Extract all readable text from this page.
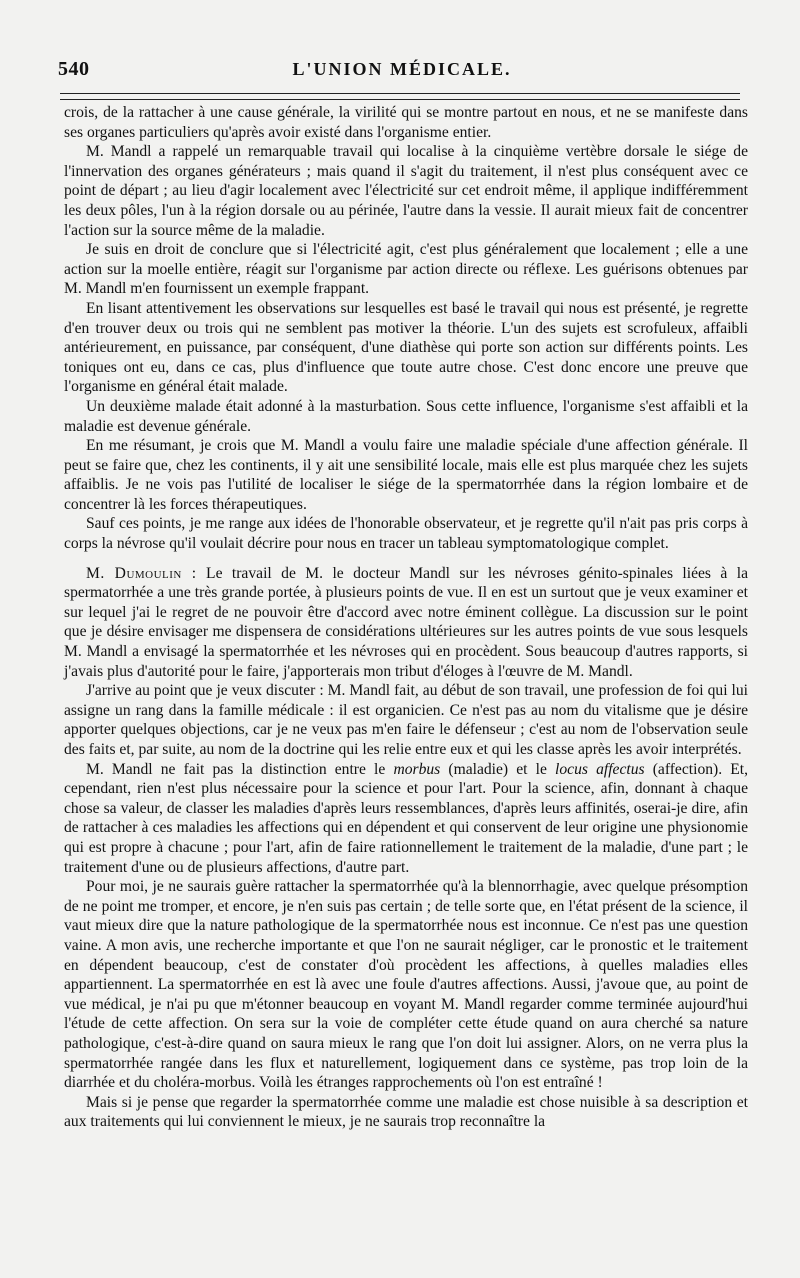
540	L'UNION MÉDICALE.

crois, de la rattacher à une cause générale, la virilité qui se montre partout en nous, et ne se manifeste dans ses organes particuliers qu'après avoir existé dans l'organisme entier.

M. Mandl a rappelé un remarquable travail qui localise à la cinquième vertèbre dorsale le siége de l'innervation des organes générateurs ; mais quand il s'agit du traitement, il n'est plus conséquent avec ce point de départ ; au lieu d'agir localement avec l'électricité sur cet endroit même, il applique indifféremment les deux pôles, l'un à la région dorsale ou au périnée, l'autre dans la vessie. Il aurait mieux fait de concentrer l'action sur la source même de la maladie.

Je suis en droit de conclure que si l'électricité agit, c'est plus généralement que localement ; elle a une action sur la moelle entière, réagit sur l'organisme par action directe ou réflexe. Les guérisons obtenues par M. Mandl m'en fournissent un exemple frappant.

En lisant attentivement les observations sur lesquelles est basé le travail qui nous est présenté, je regrette d'en trouver deux ou trois qui ne semblent pas motiver la théorie. L'un des sujets est scrofuleux, affaibli antérieurement, en puissance, par conséquent, d'une diathèse qui porte son action sur différents points. Les toniques ont eu, dans ce cas, plus d'influence que toute autre chose. C'est donc encore une preuve que l'organisme en général était malade.

Un deuxième malade était adonné à la masturbation. Sous cette influence, l'organisme s'est affaibli et la maladie est devenue générale.

En me résumant, je crois que M. Mandl a voulu faire une maladie spéciale d'une affection générale. Il peut se faire que, chez les continents, il y ait une sensibilité locale, mais elle est plus marquée chez les sujets affaiblis. Je ne vois pas l'utilité de localiser le siége de la spermatorrhée dans la région lombaire et de concentrer là les forces thérapeutiques.

Sauf ces points, je me range aux idées de l'honorable observateur, et je regrette qu'il n'ait pas pris corps à corps la névrose qu'il voulait décrire pour nous en tracer un tableau symptomatologique complet.

M. Dumoulin : Le travail de M. le docteur Mandl sur les névroses génito-spinales liées à la spermatorrhée a une très grande portée, à plusieurs points de vue. Il en est un surtout que je veux examiner et sur lequel j'ai le regret de ne pouvoir être d'accord avec notre éminent collègue. La discussion sur le point que je désire envisager me dispensera de considérations ultérieures sur les autres points de vue sous lesquels M. Mandl a envisagé la spermatorrhée et les névroses qui en procèdent. Sous beaucoup d'autres rapports, si j'avais plus d'autorité pour le faire, j'apporterais mon tribut d'éloges à l'œuvre de M. Mandl.

J'arrive au point que je veux discuter : M. Mandl fait, au début de son travail, une profession de foi qui lui assigne un rang dans la famille médicale : il est organicien. Ce n'est pas au nom du vitalisme que je désire apporter quelques objections, car je ne veux pas m'en faire le défenseur ; c'est au nom de l'observation seule des faits et, par suite, au nom de la doctrine qui les relie entre eux et qui les classe après les avoir interprétés.

M. Mandl ne fait pas la distinction entre le morbus (maladie) et le locus affectus (affection). Et, cependant, rien n'est plus nécessaire pour la science et pour l'art. Pour la science, afin, donnant à chaque chose sa valeur, de classer les maladies d'après leurs ressemblances, d'après leurs affinités, oserai-je dire, afin de rattacher à ces maladies les affections qui en dépendent et qui conservent de leur origine une physionomie qui est propre à chacune ; pour l'art, afin de faire rationnellement le traitement de la maladie, d'une part ; le traitement d'une ou de plusieurs affections, d'autre part.

Pour moi, je ne saurais guère rattacher la spermatorrhée qu'à la blennorrhagie, avec quelque présomption de ne point me tromper, et encore, je n'en suis pas certain ; de telle sorte que, en l'état présent de la science, il vaut mieux dire que la nature pathologique de la spermatorrhée nous est inconnue. Ce n'est pas une question vaine. A mon avis, une recherche importante et que l'on ne saurait négliger, car le pronostic et le traitement en dépendent beaucoup, c'est de constater d'où procèdent les affections, à quelles maladies elles appartiennent. La spermatorrhée en est là avec une foule d'autres affections. Aussi, j'avoue que, au point de vue médical, je n'ai pu que m'étonner beaucoup en voyant M. Mandl regarder comme terminée aujourd'hui l'étude de cette affection. On sera sur la voie de compléter cette étude quand on aura cherché sa nature pathologique, c'est-à-dire quand on saura mieux le rang que l'on doit lui assigner. Alors, on ne verra plus la spermatorrhée rangée dans les flux et naturellement, logiquement dans ce système, pas trop loin de la diarrhée et du choléra-morbus. Voilà les étranges rapprochements où l'on est entraîné !

Mais si je pense que regarder la spermatorrhée comme une maladie est chose nuisible à sa description et aux traitements qui lui conviennent le mieux, je ne saurais trop reconnaître la
